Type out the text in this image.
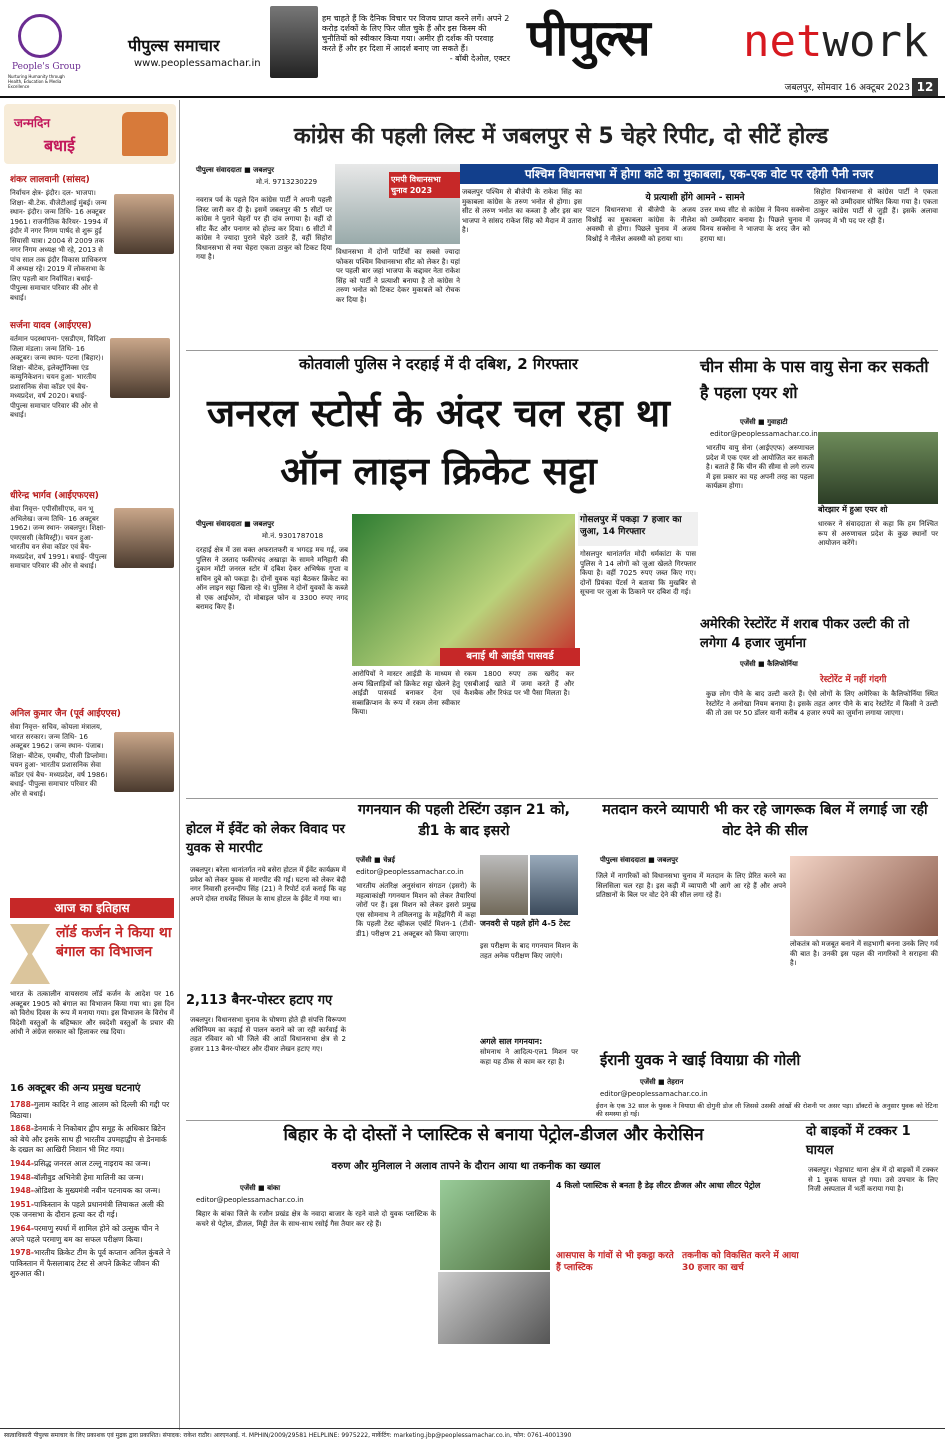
People's Group
Nurturing Humanity through Health, Education & Media Excellence
पीपुल्स समाचार
www.peoplessamachar.in
हम चाहते हैं कि दैनिक विचार पर विजय प्राप्त करने लगें। अपने 2 करोड़ दर्शकों के लिए फिर जीत चुके हैं और इस किस्म की चुनौतियों को स्वीकार किया गया। अमीर ही दर्शक की परवाह करते हैं और हर दिशा में आदर्श बनाए जा सकते हैं।
- बॉबी देओल, एक्टर पीपुल्स network
जबलपुर, सोमवार 16 अक्टूबर 2023 12
जन्मदिन
बधाई
शंकर लालवानी (सांसद)
निर्वाचन क्षेत्र- इंदौर। दल- भाजपा। शिक्षा- बी.टेक. वीजेटीआई मुंबई। जन्म स्थान- इंदौर। जन्म तिथि- 16 अक्टूबर 1961। राजनीतिक कैरियर- 1994 में इंदौर में नगर निगम पार्षद से शुरू हुई सियासी यात्रा। 2004 से 2009 तक नगर निगम अध्यक्ष भी रहे, 2013 से पांच साल तक इंदौर विकास प्राधिकरण में अध्यक्ष रहे। 2019 में लोकसभा के लिए पहली बार निर्वाचित। बधाई- पीपुल्स समाचार परिवार की ओर से बधाई।
सर्जना यादव (आईएएस)
वर्तमान पदस्थापना- एसडीएम, विदिशा जिला मंडला। जन्म तिथि- 16 अक्टूबर। जन्म स्थान- पटना (बिहार)। शिक्षा- बीटेक, इलेक्ट्रॉनिक्स एंड कम्युनिकेशन। चयन हुआ- भारतीय प्रशासनिक सेवा कॉडर एवं बैच- मध्यप्रदेश, वर्ष 2020। बधाई- पीपुल्स समाचार परिवार की ओर से बधाई।
धीरेन्द्र भार्गव (आईएफएस)
सेवा निवृत्त- एपीसीसीएफ, वन भू अभिलेख। जन्म तिथि- 16 अक्टूबर 1962। जन्म स्थान- जबलपुर। शिक्षा- एमएससी (केमिस्ट्री)। चयन हुआ- भारतीय वन सेवा कॉडर एवं बैच- मध्यप्रदेश, वर्ष 1991। बधाई- पीपुल्स समाचार परिवार की ओर से बधाई।
अनिल कुमार जैन (पूर्व आईएएस)
सेवा निवृत्त- सचिव, कोयला मंत्रालय, भारत सरकार। जन्म तिथि- 16 अक्टूबर 1962। जन्म स्थान- पंजाब। शिक्षा- बीटेक, एमबीए, पीजी डिप्लोमा। चयन हुआ- भारतीय प्रशासनिक सेवा कॉडर एवं बैच- मध्यप्रदेश, वर्ष 1986। बधाई- पीपुल्स समाचार परिवार की ओर से बधाई।
आज का इतिहास
लॉर्ड कर्जन ने किया था बंगाल का विभाजन
भारत के तत्कालीन वायसराय लॉर्ड कर्जन के आदेश पर 16 अक्टूबर 1905 को बंगाल का विभाजन किया गया था। इस दिन को विरोध दिवस के रूप में मनाया गया। इस विभाजन के विरोध में विदेशी वस्तुओं के बहिष्कार और स्वदेशी वस्तुओं के प्रचार की आंधी ने अंग्रेज सरकार को हिलाकर रख दिया।
16 अक्टूबर की अन्य प्रमुख घटनाएं
1788-गुलाम कादिर ने शाह आलम को दिल्ली की गद्दी पर बिठाया।
1868-डेनमार्क ने निकोबार द्वीप समूह के अधिकार ब्रिटेन को बेचे और इसके साथ ही भारतीय उपमहाद्वीप से डेनमार्क के दखल का आखिरी निशान भी मिट गया।
1944-प्रसिद्ध जनरल आल टल्लू नाइराय का जन्म।
1948-बॉलीवुड अभिनेत्री हेमा मालिनी का जन्म।
1948-ओडिशा के मुख्यमंत्री नवीन पटनायक का जन्म।
1951-पाकिस्तान के पहले प्रधानमंत्री लियाकत अली की एक जनसभा के दौरान हत्या कर दी गई।
1964-परमाणु स्पर्धा में शामिल होने को उत्सुक चीन ने अपने पहले परमाणु बम का सफल परीक्षण किया।
1978-भारतीय क्रिकेट टीम के पूर्व कप्तान अनिल कुंबले ने पाकिस्तान में फैसलाबाद टेस्ट से अपने क्रिकेट जीवन की शुरुआत की।
कांग्रेस की पहली लिस्ट में जबलपुर से 5 चेहरे रिपीट, दो सीटें होल्ड
पीपुल्स संवाददाता ■ जबलपुर
मो.नं. 9713230229
नवरात्र पर्व के पहले दिन कांग्रेस पार्टी ने अपनी पहली लिस्ट जारी कर दी है। इसमें जबलपुर की 5 सीटों पर कांग्रेस ने पुराने चेहरों पर ही दांव लगाया है। वहीं दो सीट कैंट और पनागर को होल्ड कर दिया। 6 सीटों में कांग्रेस ने ज्यादा पुराने चेहरे उतारे हैं, वहीं सिहोरा विधानसभा से नया चेहरा एकता ठाकुर को टिकट दिया गया है।
एमपी विधानसभा चुनाव 2023
विधानसभा में दोनों पार्टियों का सबसे ज्यादा फोकस पश्चिम विधानसभा सीट को लेकर है। यहां पर पहली बार जहां भाजपा के कद्दावर नेता राकेश सिंह को पार्टी ने प्रत्याशी बनाया है तो कांग्रेस ने तरुण भनोत को टिकट देकर मुकाबले को रोचक कर दिया है।
पश्चिम विधानसभा में होगा कांटे का मुकाबला, एक-एक वोट पर रहेगी पैनी नजर
जबलपुर पश्चिम से बीजेपी के राकेश सिंह का मुकाबला कांग्रेस के तरुण भनोत से होगा। इस सीट से तरुण भनोत का कब्जा है और इस बार भाजपा ने सांसद राकेश सिंह को मैदान में उतारा है।
ये प्रत्याशी होंगे आमने - सामने
पाटन विधानसभा से बीजेपी के अजय विश्नोई का मुकाबला कांग्रेस के नीलेश अवस्थी से होगा। पिछले चुनाव में अजय विश्नोई ने नीलेश अवस्थी को हराया था।
उत्तर मध्य सीट से कांग्रेस ने विनय सक्सेना को उम्मीदवार बनाया है। पिछले चुनाव में विनय सक्सेना ने भाजपा के शरद जैन को हराया था।
सिहोरा विधानसभा से कांग्रेस पार्टी ने एकता ठाकुर को उम्मीदवार घोषित किया गया है। एकता ठाकुर कांग्रेस पार्टी से जुड़ी हैं। इसके अलावा जनपद में भी पद पर रही हैं।
कोतवाली पुलिस ने दरहाई में दी दबिश, 2 गिरफ्तार
जनरल स्टोर्स के अंदर चल रहा था ऑन लाइन क्रिकेट सट्टा
पीपुल्स संवाददाता ■ जबलपुर
मो.नं. 9301787018
दरहाई क्षेत्र में उस वक्त अफरातफरी व भगदड़ मच गई, जब पुलिस ने उस्ताद फकीरचंद अखाड़ा के सामने मनिहारी की दुकान मोंटी जनरल स्टोर में दबिश देकर अभिषेक गुप्ता व सचिन दुबे को पकड़ा है। दोनों युवक यहां बैठकर क्रिकेट का ऑन लाइन सट्टा खिला रहे थे। पुलिस ने दोनों युवकों के कब्जे से एक आईफोन, दो मोबाइल फोन व 3300 रुपए नगद बरामद किए हैं।
बनाई थी आईडी पासवर्ड
आरोपियों ने मास्टर आईडी के माध्यम से अन्य खिलाड़ियों को क्रिकेट सट्टा खेलने हेतु आईडी पासवर्ड बनाकर देना एवं सब्सक्रिप्शन के रूप में रकम लेना स्वीकार किया।
रकम 1800 रुपए तक खरीद कर एसबीआई खाते में जमा करते हैं और कैशबैक और रिफंड पर भी पैसा मिलता है।
गोसलपुर में पकड़ा 7 हजार का जुआ, 14 गिरफ्तार
गोसलपुर थानांतर्गत मोदी धर्मकांटा के पास पुलिस ने 14 लोगों को जुआ खेलते गिरफ्तार किया है। वहीं 7025 रुपए जब्त किए गए। दोनों प्रियंका पेंटर्स ने बताया कि मुखबिर से सूचना पर जुआ के ठिकाने पर दबिश दी गई।
चीन सीमा के पास वायु सेना कर सकती है पहला एयर शो
एजेंसी ■ गुवाहाटी
editor@peoplessamachar.co.in
भारतीय वायु सेना (आईएएफ) अरुणाचल प्रदेश में एक एयर शो आयोजित कर सकती है। बताते हैं कि चीन की सीमा से लगे राज्य में इस प्रकार का यह अपनी तरह का पहला कार्यक्रम होगा।
बोरझार में हुआ एयर शो
धारकर ने संवाददाता से कहा कि हम निश्चित रूप से अरुणाचल प्रदेश के कुछ स्थानों पर आयोजन करेंगे।
अमेरिकी रेस्टोरेंट में शराब पीकर उल्टी की तो लगेगा 4 हजार जुर्माना
एजेंसी ■ कैलिफोर्निया
रेस्टोरेंट में नहीं गंदगी
कुछ लोग पीने के बाद उल्टी करते हैं। ऐसे लोगों के लिए अमेरिका के कैलिफोर्निया स्थित रेस्टोरेंट ने अनोखा नियम बनाया है। इसके तहत अगर पीने के बाद रेस्टोरेंट में किसी ने उल्टी की तो उस पर 50 डॉलर यानी करीब 4 हजार रुपये का जुर्माना लगाया जाएगा।
होटल में ईवेंट को लेकर विवाद पर युवक से मारपीट
जबलपुर। बरेला थानांतर्गत नये बसेरा होटल में ईवेंट कार्यक्रम में प्रवेश को लेकर युवक से मारपीट की गई। घटना को लेकर बेदी नगर निवासी हरनन्दीप सिंह (21) ने रिपोर्ट दर्ज कराई कि वह अपने दोस्त राघवेंद्र सिंघल के साथ होटल के ईवेंट में गया था।
2,113 बैनर-पोस्टर हटाए गए
जबलपुर। विधानसभा चुनाव के घोषणा होते ही संपत्ति विरूपण अधिनियम का कड़ाई से पालन कराने को जा रही कार्रवाई के तहत रविवार को भी जिले की आठों विधानसभा क्षेत्र से 2 हजार 113 बैनर-पोस्टर और दीवार लेखन हटाए गए।
गगनयान की पहली टेस्टिंग उड़ान 21 को, डी1 के बाद इसरो
एजेंसी ■ चेन्नई
editor@peoplessamachar.co.in
भारतीय अंतरिक्ष अनुसंधान संगठन (इसरो) के महत्वाकांक्षी गगनयान मिशन को लेकर तैयारियां जोरों पर हैं। इस मिशन को लेकर इसरो प्रमुख एस सोमनाथ ने तमिलनाडु के महेंद्रगिरी में कहा कि पहली टेस्ट व्हीकल एबॉर्ट मिशन-1 (टीवी-डी1) परीक्षण 21 अक्टूबर को किया जाएगा।
जनवरी से पहले होंगे 4-5 टेस्ट
इस परीक्षण के बाद गगनयान मिशन के तहत अनेक परीक्षण किए जाएंगे।
अगले साल गगनयान:
सोमनाथ ने आदित्य-एल1 मिशन पर कहा यह ठीक से काम कर रहा है।
मतदान करने व्यापारी भी कर रहे जागरूक बिल में लगाई जा रही वोट देने की सील
पीपुल्स संवाददाता ■ जबलपुर
जिले में नागरिकों को विधानसभा चुनाव में मतदान के लिए प्रेरित करने का सिलसिला चल रहा है। इस कड़ी में व्यापारी भी आगे आ रहे हैं और अपने प्रतिष्ठानों के बिल पर वोट देने की सील लगा रहे हैं।
लोकतंत्र को मजबूत बनाने में सहभागी बनना उनके लिए गर्व की बात है। उनकी इस पहल की नागरिकों ने सराहना की है।
ईरानी युवक ने खाई वियाग्रा की गोली
एजेंसी ■ तेहरान
editor@peoplessamachar.co.in
ईरान के एक 32 साल के युवक ने वियाग्रा की दोगुनी डोज ली जिससे उसकी आंखों की रोशनी पर असर पड़ा। डॉक्टरों के अनुसार युवक को रेटिना की समस्या हो गई।
बिहार के दो दोस्तों ने प्लास्टिक से बनाया पेट्रोल-डीजल और केरोसिन
वरुण और मुनिलाल ने अलाव तापने के दौरान आया था तकनीक का ख्याल
एजेंसी ■ बांका
editor@peoplessamachar.co.in
बिहार के बांका जिले के रजौन प्रखंड क्षेत्र के नवादा बाजार के रहने वाले दो युवक प्लास्टिक के कचरे से पेट्रोल, डीजल, मिट्टी तेल के साथ-साथ रसोई गैस तैयार कर रहे हैं।
4 किलो प्लास्टिक से बनता है डेढ़ लीटर डीजल और आधा लीटर पेट्रोल
आसपास के गांवों से भी इकट्ठा करते हैं प्लास्टिक
तकनीक को विकसित करने में आया 30 हजार का खर्च
दो बाइकों में टक्कर 1 घायल
जबलपुर। भेड़ाघाट थाना क्षेत्र में दो बाइकों में टक्कर से 1 युवक घायल हो गया। उसे उपचार के लिए निजी अस्पताल में भर्ती कराया गया है।
स्वत्वाधिकारी पीपुल्स समाचार के लिए प्रकाशक एवं मुद्रक द्वारा प्रकाशित। संपादक: राकेश राठौर। आरएनआई. नं. MPHIN/2009/29581 HELPLINE: 9975222, मार्केटिंग: marketing.jbp@peoplessamachar.co.in, फोन: 0761-4001390
